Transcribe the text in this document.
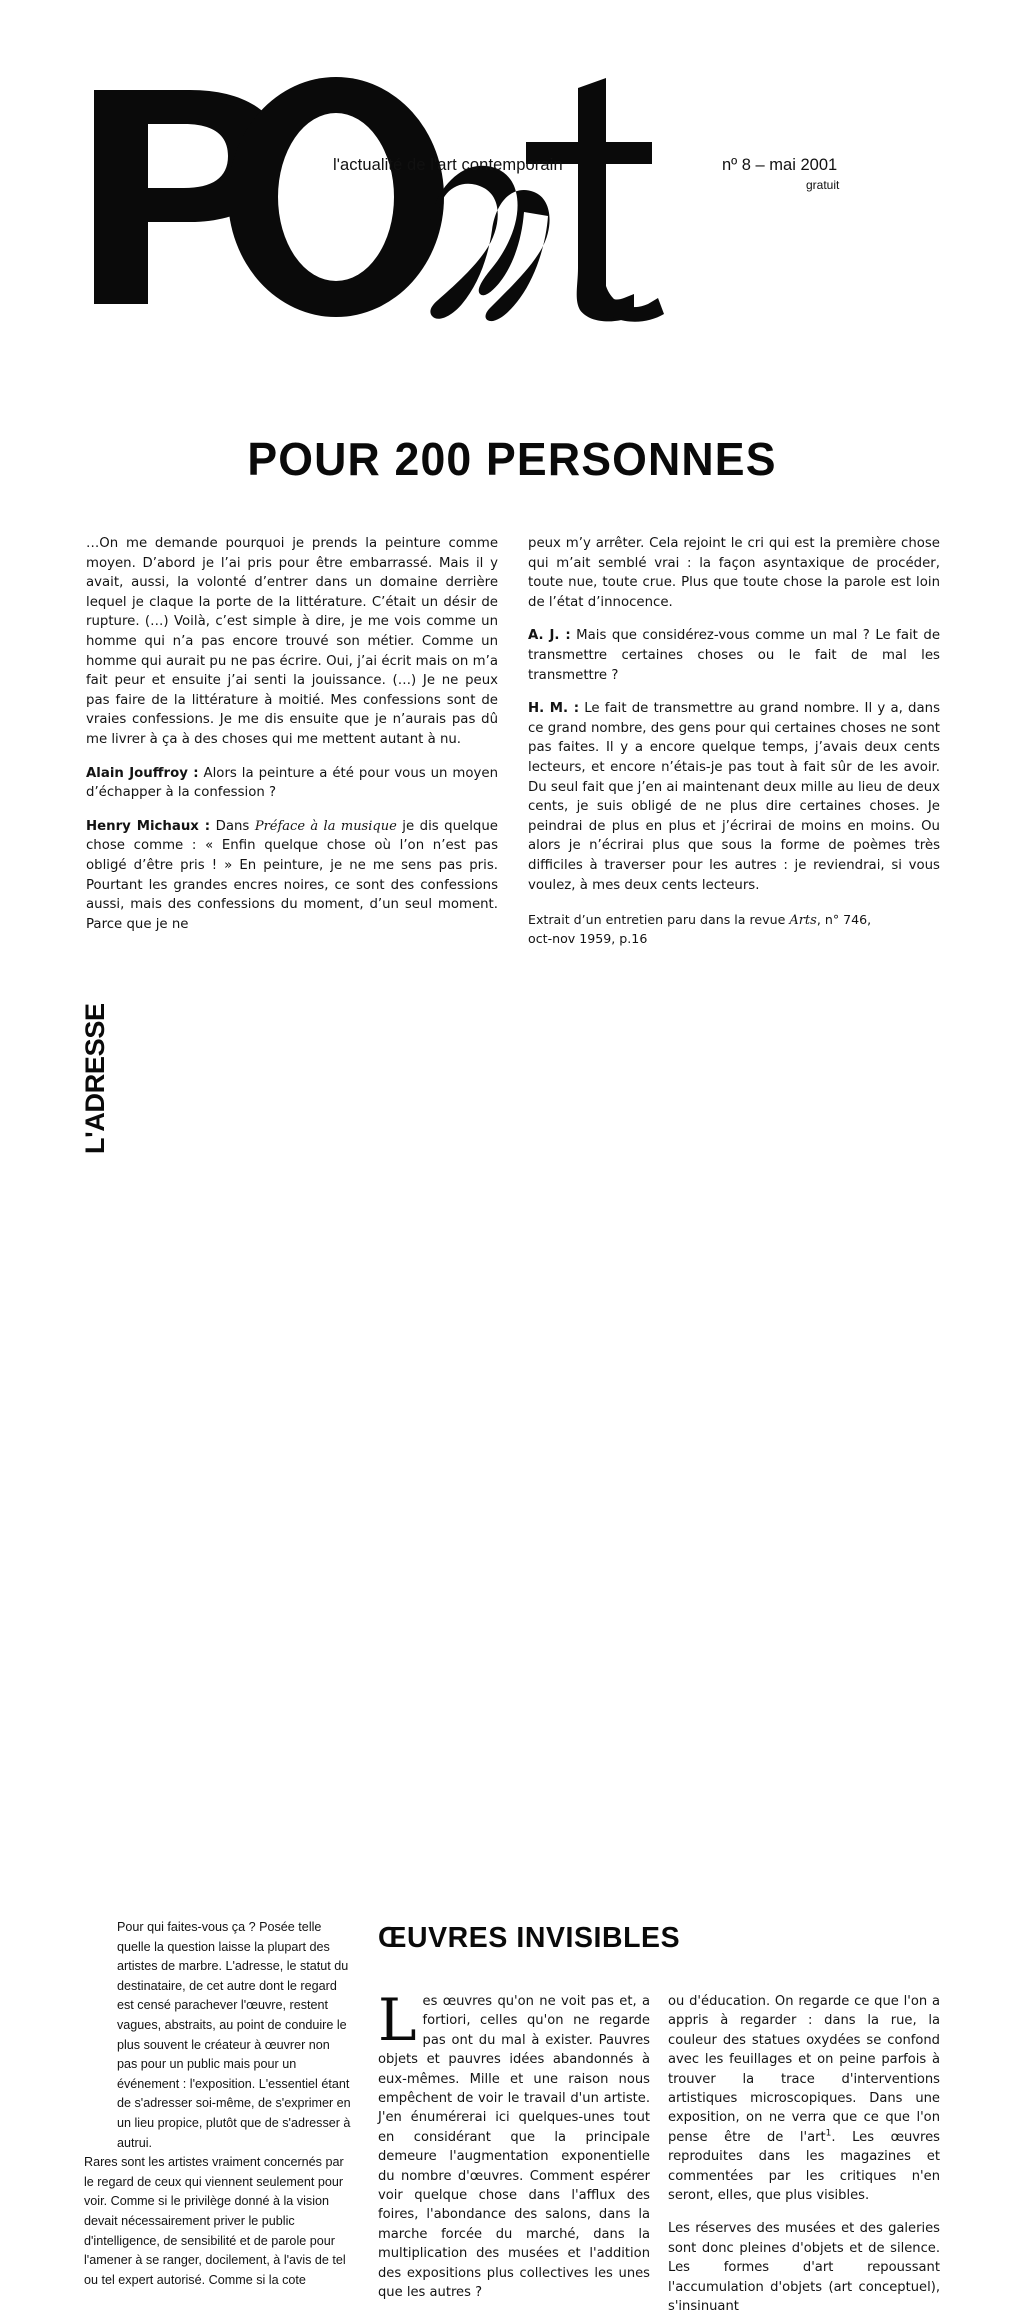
l'actualité de l'art contemporain	nº 8 – mai 2001
gratuit
POUR 200 PERSONNES

…On me demande pourquoi je prends la peinture comme moyen. D’abord je l’ai pris pour être embarrassé. Mais il y avait, aussi, la volonté d’entrer dans un domaine derrière lequel je claque la porte de la littérature. C’était un désir de rupture. (…) Voilà, c’est simple à dire, je me vois comme un homme qui n’a pas encore trouvé son métier. Comme un homme qui aurait pu ne pas écrire. Oui, j’ai écrit mais on m’a fait peur et ensuite j’ai senti la jouissance. (…) Je ne peux pas faire de la littérature à moitié. Mes confessions sont de vraies confessions. Je me dis ensuite que je n’aurais pas dû me livrer à ça à des choses qui me mettent autant à nu.

Alain Jouffroy : Alors la peinture a été pour vous un moyen d’échapper à la confession ?

Henry Michaux : Dans Préface à la musique je dis quelque chose comme : « Enfin quelque chose où l’on n’est pas obligé d’être pris ! » En peinture, je ne me sens pas pris. Pourtant les grandes encres noires, ce sont des confessions aussi, mais des confessions du moment, d’un seul moment. Parce que je ne

peux m’y arrêter. Cela rejoint le cri qui est la première chose qui m’ait semblé vrai : la façon asyntaxique de procéder, toute nue, toute crue. Plus que toute chose la parole est loin de l’état d’innocence.

A. J. : Mais que considérez-vous comme un mal ? Le fait de transmettre certaines choses ou le fait de mal les transmettre ?

H. M. : Le fait de transmettre au grand nombre. Il y a, dans ce grand nombre, des gens pour qui certaines choses ne sont pas faites. Il y a encore quelque temps, j’avais deux cents lecteurs, et encore n’étais-je pas tout à fait sûr de les avoir. Du seul fait que j’en ai maintenant deux mille au lieu de deux cents, je suis obligé de ne plus dire certaines choses. Je peindrai de plus en plus et j’écrirai de moins en moins. Ou alors je n’écrirai plus que sous la forme de poèmes très difficiles à traverser pour les autres : je reviendrai, si vous voulez, à mes deux cents lecteurs.

Extrait d’un entretien paru dans la revue Arts, n° 746,
oct-nov 1959, p.16

L'ADRESSE

Pour qui faites-vous ça ? Posée telle quelle la question laisse la plupart des artistes de marbre. L'adresse, le statut du destinataire, de cet autre dont le regard est censé parachever l'œuvre, restent vagues, abstraits, au point de conduire le plus souvent le créateur à œuvrer non pas pour un public mais pour un événement : l'exposition. L'essentiel étant de s'adresser soi-même, de s'exprimer en un lieu propice, plutôt que de s'adresser à autrui.

Rares sont les artistes vraiment concernés par le regard de ceux qui viennent seulement pour voir. Comme si le privilège donné à la vision devait nécessairement priver le public d'intelligence, de sensibilité et de parole pour l'amener à se ranger, docilement, à l'avis de tel ou tel expert autorisé. Comme si la cote

ŒUVRES INVISIBLES

Les œuvres qu'on ne voit pas et, a fortiori, celles qu'on ne regarde pas ont du mal à exister. Pauvres objets et pauvres idées abandonnés à eux-mêmes. Mille et une raison nous empêchent de voir le travail d'un artiste. J'en énumérerai ici quelques-unes tout en considérant que la principale demeure l'augmentation exponentielle du nombre d'œuvres. Comment espérer voir quelque chose dans l'afflux des foires, l'abondance des salons, dans la marche forcée du marché, dans la multiplication des musées et l'addition des expositions plus collectives les unes que les autres ?

ou d'éducation. On regarde ce que l'on a appris à regarder : dans la rue, la couleur des statues oxydées se confond avec les feuillages et on peine parfois à trouver la trace d'interventions artistiques microscopiques. Dans une exposition, on ne verra que ce que l'on pense être de l'art$^1$. Les œuvres reproduites dans les magazines et commentées par les critiques n'en seront, elles, que plus visibles.

Les réserves des musées et des galeries sont donc pleines d'objets et de silence. Les formes d'art repoussant l'accumulation d'objets (art conceptuel), s'insinuant
